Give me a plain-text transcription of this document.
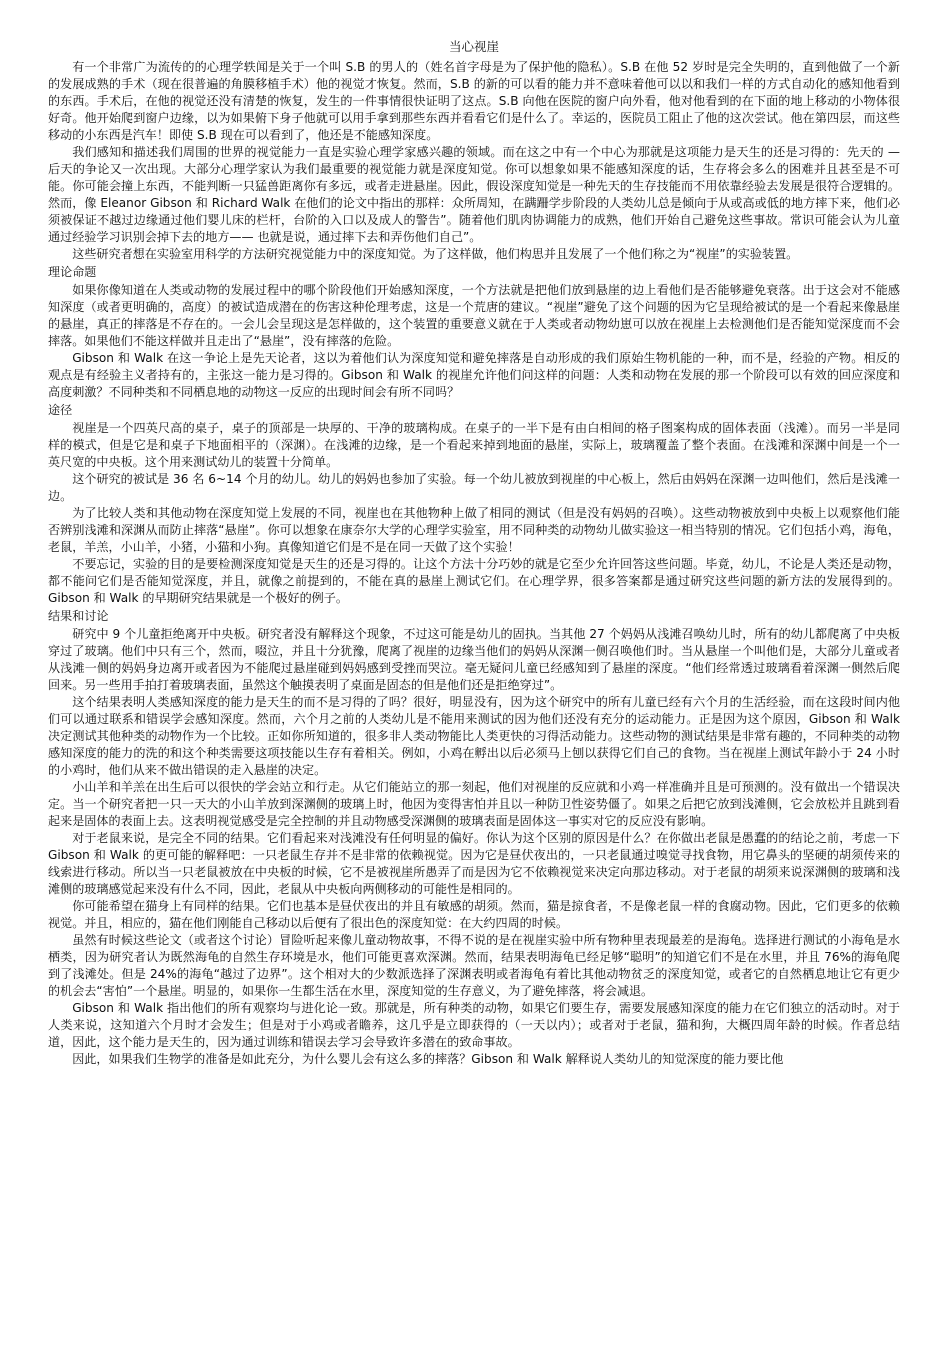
当心视崖

有一个非常广为流传的的心理学轶闻是关于一个叫 S.B 的男人的（姓名首字母是为了保护他的隐私）。S.B 在他 52 岁时是完全失明的，直到他做了一个新的发展成熟的手术（现在很普遍的角膜移植手术）他的视觉才恢复。然而，S.B 的新的可以看的能力并不意味着他可以以和我们一样的方式自动化的感知他看到的东西。手术后，在他的视觉还没有清楚的恢复，发生的一件事情很快证明了这点。S.B 向他在医院的窗户向外看，他对他看到的在下面的地上移动的小物体很好奇。他开始爬到窗户边缘，以为如果俯下身子他就可以用手拿到那些东西并看看它们是什么了。幸运的，医院员工阻止了他的这次尝试。他在第四层，而这些移动的小东西是汽车！即使 S.B 现在可以看到了，他还是不能感知深度。

我们感知和描述我们周围的世界的视觉能力一直是实验心理学家感兴趣的领域。而在这之中有一个中心为那就是这项能力是天生的还是习得的：先天的 — 后天的争论又一次出现。大部分心理学家认为我们最重要的视觉能力就是深度知觉。你可以想象如果不能感知深度的话，生存将会多么的困难并且甚至是不可能。你可能会撞上东西，不能判断一只猛兽距离你有多远，或者走进悬崖。因此，假设深度知觉是一种先天的生存技能而不用依靠经验去发展是很符合逻辑的。然而，像 Eleanor Gibson 和 Richard Walk 在他们的论文中指出的那样：众所周知，在蹒跚学步阶段的人类幼儿总是倾向于从或高或低的地方摔下来，他们必须被保证不越过边缘通过他们婴儿床的栏杆，台阶的入口以及成人的警告”。随着他们肌肉协调能力的成熟，他们开始自己避免这些事故。常识可能会认为儿童通过经验学习识别会掉下去的地方—— 也就是说，通过摔下去和弄伤他们自己”。

这些研究者想在实验室用科学的方法研究视觉能力中的深度知觉。为了这样做，他们构思并且发展了一个他们称之为“视崖”的实验装置。

理论命题

如果你像知道在人类或动物的发展过程中的哪个阶段他们开始感知深度，一个方法就是把他们放到悬崖的边上看他们是否能够避免衰落。出于这会对不能感知深度（或者更明确的，高度）的被试造成潜在的伤害这种伦理考虑，这是一个荒唐的建议。“视崖”避免了这个问题的因为它呈现给被试的是一个看起来像悬崖的悬崖，真正的摔落是不存在的。一会儿会呈现这是怎样做的，这个装置的重要意义就在于人类或者动物幼崽可以放在视崖上去检测他们是否能知觉深度而不会摔落。如果他们不能这样做并且走出了“悬崖”，没有摔落的危险。

Gibson 和 Walk 在这一争论上是先天论者，这以为着他们认为深度知觉和避免摔落是自动形成的我们原始生物机能的一种，而不是，经验的产物。相反的观点是有经验主义者持有的，主张这一能力是习得的。Gibson 和 Walk 的视崖允许他们问这样的问题：人类和动物在发展的那一个阶段可以有效的回应深度和高度刺激？不同种类和不同栖息地的动物这一反应的出现时间会有所不同吗？

途径

视崖是一个四英尺高的桌子，桌子的顶部是一块厚的、干净的玻璃构成。在桌子的一半下是有由白相间的格子图案构成的固体表面（浅滩）。而另一半是同样的模式，但是它是和桌子下地面相平的（深渊）。在浅滩的边缘，是一个看起来掉到地面的悬崖，实际上，玻璃覆盖了整个表面。在浅滩和深渊中间是一个一英尺宽的中央板。这个用来测试幼儿的装置十分简单。

这个研究的被试是 36 名 6~14 个月的幼儿。幼儿的妈妈也参加了实验。每一个幼儿被放到视崖的中心板上，然后由妈妈在深渊一边叫他们，然后是浅滩一边。

为了比较人类和其他动物在深度知觉上发展的不同，视崖也在其他物种上做了相同的测试（但是没有妈妈的召唤）。这些动物被放到中央板上以观察他们能否辨别浅滩和深渊从而防止摔落“悬崖”。你可以想象在康奈尔大学的心理学实验室，用不同种类的动物幼儿做实验这一相当特别的情况。它们包括小鸡，海龟，老鼠，羊羔，小山羊，小猪，小猫和小狗。真像知道它们是不是在同一天做了这个实验！

不要忘记，实验的目的是要检测深度知觉是天生的还是习得的。让这个方法十分巧妙的就是它至少允许回答这些问题。毕竟，幼儿，不论是人类还是动物，都不能问它们是否能知觉深度，并且，就像之前提到的，不能在真的悬崖上测试它们。在心理学界，很多答案都是通过研究这些问题的新方法的发展得到的。Gibson 和 Walk 的早期研究结果就是一个极好的例子。

结果和讨论

研究中 9 个儿童拒绝离开中央板。研究者没有解释这个现象，不过这可能是幼儿的固执。当其他 27 个妈妈从浅滩召唤幼儿时，所有的幼儿都爬离了中央板穿过了玻璃。他们中只有三个，然而，啜泣，并且十分犹豫，爬离了视崖的边缘当他们的妈妈从深渊一侧召唤他们时。当从悬崖一个叫他们是，大部分儿童或者从浅滩一侧的妈妈身边离开或者因为不能爬过悬崖碰到妈妈感到受挫而哭泣。毫无疑问儿童已经感知到了悬崖的深度。“他们经常透过玻璃看着深渊一侧然后爬回来。另一些用手拍打着玻璃表面，虽然这个触摸表明了桌面是固态的但是他们还是拒绝穿过”。

这个结果表明人类感知深度的能力是天生的而不是习得的了吗？很好，明显没有，因为这个研究中的所有儿童已经有六个月的生活经验，而在这段时间内他们可以通过联系和错误学会感知深度。然而，六个月之前的人类幼儿是不能用来测试的因为他们还没有充分的运动能力。正是因为这个原因，Gibson 和 Walk 决定测试其他种类的动物作为一个比较。正如你所知道的，很多非人类动物能比人类更快的习得活动能力。这些动物的测试结果是非常有趣的，不同种类的动物感知深度的能力的洗的和这个种类需要这项技能以生存有着相关。例如，小鸡在孵出以后必须马上刨以获得它们自己的食物。当在视崖上测试年龄小于 24 小时的小鸡时，他们从来不做出错误的走入悬崖的决定。

小山羊和羊羔在出生后可以很快的学会站立和行走。从它们能站立的那一刻起，他们对视崖的反应就和小鸡一样准确并且是可预测的。没有做出一个错误决定。当一个研究者把一只一天大的小山羊放到深渊侧的玻璃上时，他因为变得害怕并且以一种防卫性姿势僵了。如果之后把它放到浅滩侧，它会放松并且跳到看起来是固体的表面上去。这表明视觉感受是完全控制的并且动物感受深渊侧的玻璃表面是固体这一事实对它的反应没有影响。

对于老鼠来说，是完全不同的结果。它们看起来对浅滩没有任何明显的偏好。你认为这个区别的原因是什么？在你做出老鼠是愚蠢的的结论之前，考虑一下 Gibson 和 Walk 的更可能的解释吧：一只老鼠生存并不是非常的依赖视觉。因为它是昼伏夜出的，一只老鼠通过嗅觉寻找食物，用它鼻头的坚硬的胡须传来的线索进行移动。所以当一只老鼠被放在中央板的时候，它不是被视崖所愚弄了而是因为它不依赖视觉来决定向那边移动。对于老鼠的胡须来说深渊侧的玻璃和浅滩侧的玻璃感觉起来没有什么不同，因此，老鼠从中央板向两侧移动的可能性是相同的。

你可能希望在猫身上有同样的结果。它们也基本是昼伏夜出的并且有敏感的胡须。然而，猫是掠食者，不是像老鼠一样的食腐动物。因此，它们更多的依赖视觉。并且，相应的，猫在他们刚能自己移动以后便有了很出色的深度知觉：在大约四周的时候。

虽然有时候这些论文（或者这个讨论）冒险听起来像儿童动物故事，不得不说的是在视崖实验中所有物种里表现最差的是海龟。选择进行测试的小海龟是水栖类，因为研究者认为既然海龟的自然生存环境是水，他们可能更喜欢深渊。然而，结果表明海龟已经足够“聪明”的知道它们不是在水里，并且 76%的海龟爬到了浅滩处。但是 24%的海龟“越过了边界”。这个相对大的少数派选择了深渊表明或者海龟有着比其他动物贫乏的深度知觉，或者它的自然栖息地让它有更少的机会去“害怕”一个悬崖。明显的，如果你一生都生活在水里，深度知觉的生存意义，为了避免摔落，将会减退。

Gibson 和 Walk 指出他们的所有观察均与进化论一致。那就是，所有种类的动物，如果它们要生存，需要发展感知深度的能力在它们独立的活动时。对于人类来说，这知道六个月时才会发生；但是对于小鸡或者瞻养，这几乎是立即获得的（一天以内）；或者对于老鼠，猫和狗，大概四周年龄的时候。作者总结道，因此，这个能力是天生的，因为通过训练和错误去学习会导致许多潜在的致命事故。

因此，如果我们生物学的准备是如此充分，为什么婴儿会有这么多的摔落？Gibson 和 Walk 解释说人类幼儿的知觉深度的能力要比他
